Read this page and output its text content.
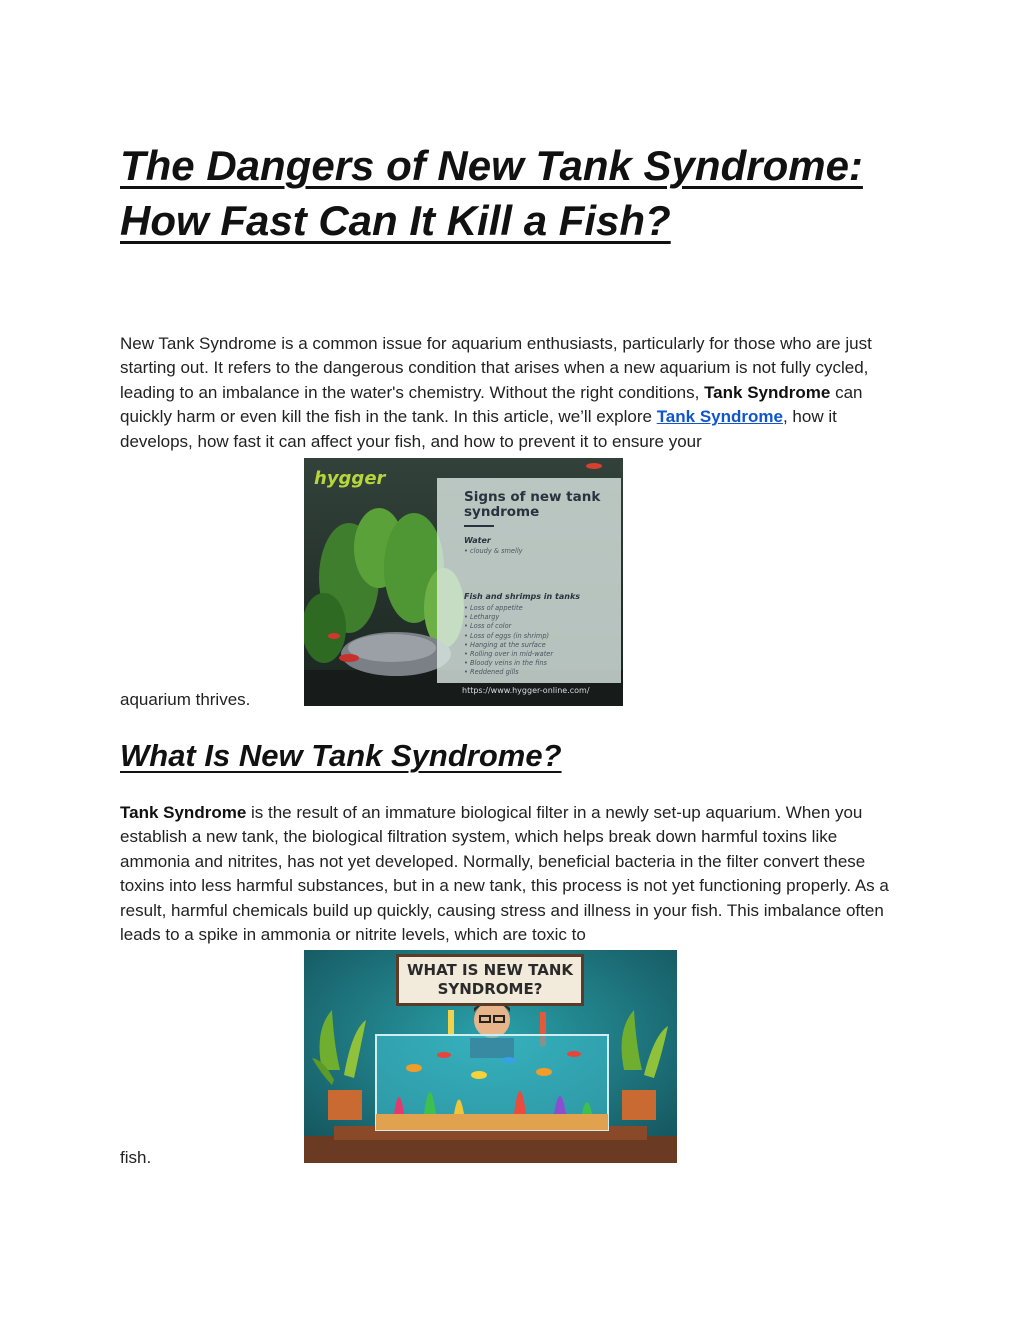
The Dangers of New Tank Syndrome: How Fast Can It Kill a Fish?

New Tank Syndrome is a common issue for aquarium enthusiasts, particularly for those who are just starting out. It refers to the dangerous condition that arises when a new aquarium is not fully cycled, leading to an imbalance in the water's chemistry. Without the right conditions, Tank Syndrome can quickly harm or even kill the fish in the tank. In this article, we’ll explore Tank Syndrome, how it develops, how fast it can affect your fish, and how to prevent it to ensure your

hygger
Signs of new tank syndrome
Water
• cloudy & smelly
Fish and shrimps in tanks
• Loss of appetite
• Lethargy
• Loss of color
• Loss of eggs (in shrimp)
• Hanging at the surface
• Rolling over in mid-water
• Bloody veins in the fins
• Reddened gills
https://www.hygger-online.com/
aquarium thrives.
What Is New Tank Syndrome?

Tank Syndrome is the result of an immature biological filter in a newly set-up aquarium. When you establish a new tank, the biological filtration system, which helps break down harmful toxins like ammonia and nitrites, has not yet developed. Normally, beneficial bacteria in the filter convert these toxins into less harmful substances, but in a new tank, this process is not yet functioning properly. As a result, harmful chemicals build up quickly, causing stress and illness in your fish. This imbalance often leads to a spike in ammonia or nitrite levels, which are toxic to

WHAT IS NEW TANK
SYNDROME?
fish.
